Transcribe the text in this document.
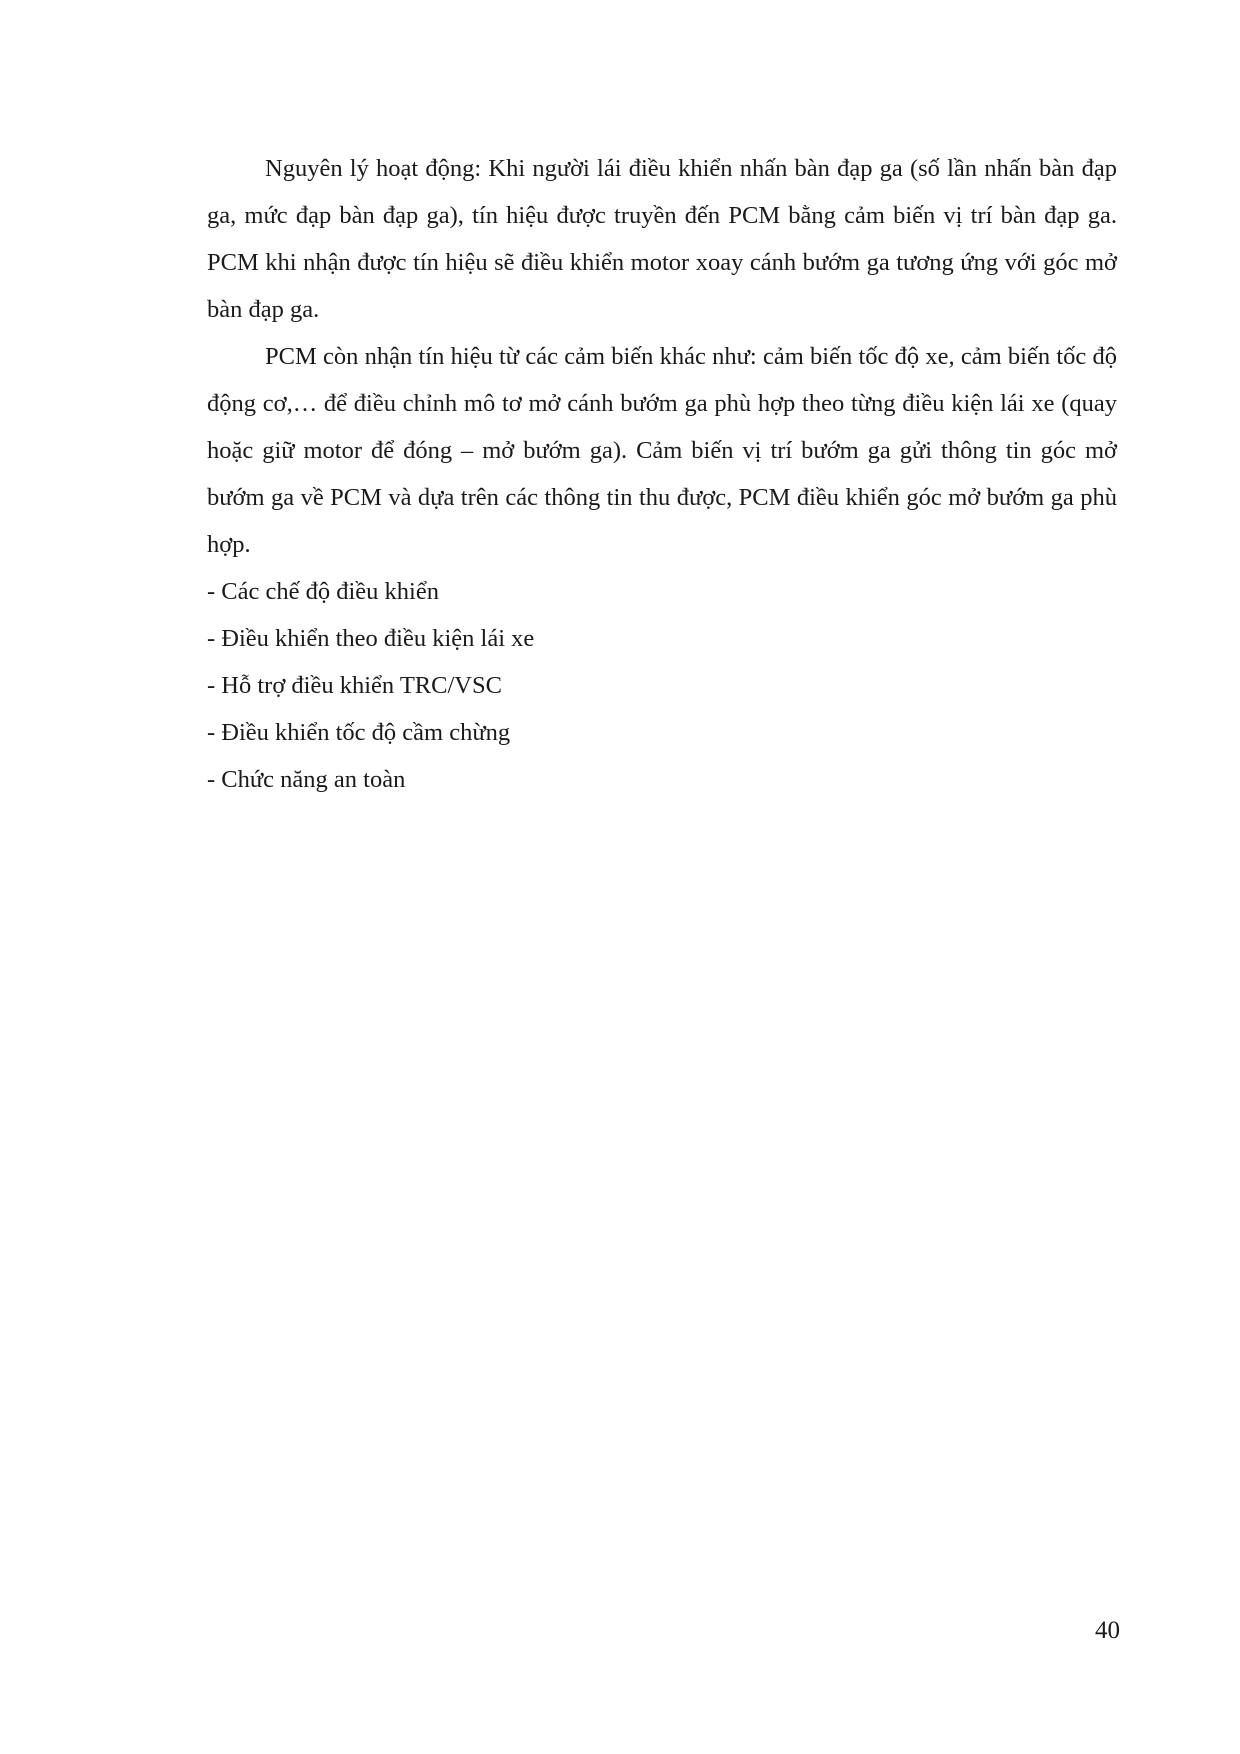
Nguyên lý hoạt động: Khi người lái điều khiển nhấn bàn đạp ga (số lần nhấn bàn đạp ga, mức đạp bàn đạp ga), tín hiệu được truyền đến PCM bằng cảm biến vị trí bàn đạp ga. PCM khi nhận được tín hiệu sẽ điều khiển motor xoay cánh bướm ga tương ứng với góc mở bàn đạp ga.

PCM còn nhận tín hiệu từ các cảm biến khác như: cảm biến tốc độ xe, cảm biến tốc độ động cơ,… để điều chỉnh mô tơ mở cánh bướm ga phù hợp theo từng điều kiện lái xe (quay hoặc giữ motor để đóng – mở bướm ga). Cảm biến vị trí bướm ga gửi thông tin góc mở bướm ga về PCM và dựa trên các thông tin thu được, PCM điều khiển góc mở bướm ga phù hợp.

- Các chế độ điều khiển
- Điều khiển theo điều kiện lái xe
- Hỗ trợ điều khiển TRC/VSC
- Điều khiển tốc độ cầm chừng
- Chức năng an toàn
40
